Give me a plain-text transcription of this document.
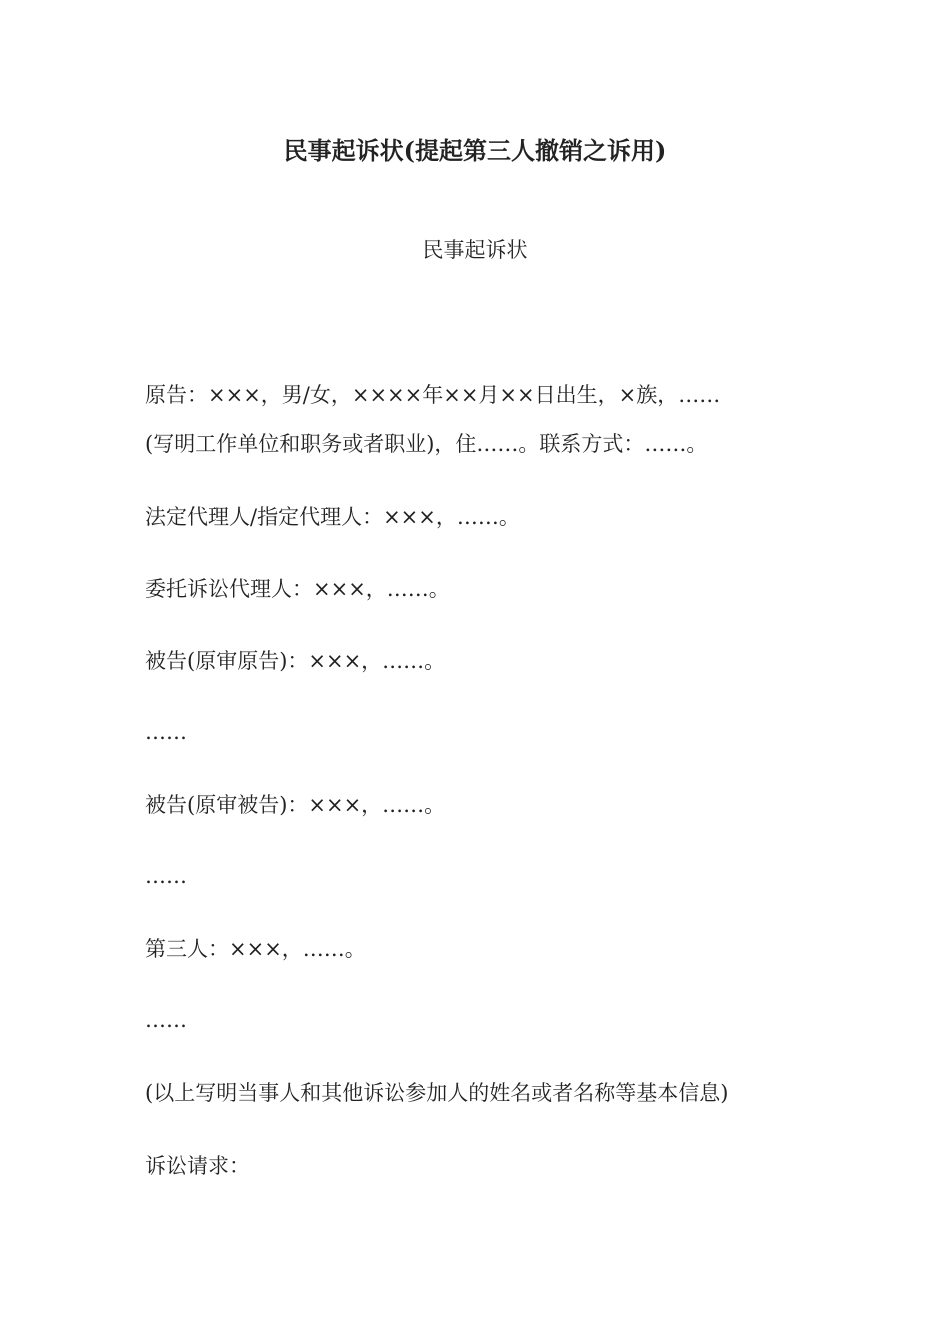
民事起诉状(提起第三人撤销之诉用)
民事起诉状
原告：×××，男/女，××××年××月××日出生，×族，……
(写明工作单位和职务或者职业)，住……。联系方式：……。
法定代理人/指定代理人：×××，……。
委托诉讼代理人：×××，……。
被告(原审原告)：×××，……。
……
被告(原审被告)：×××，……。
……
第三人：×××，……。
……
(以上写明当事人和其他诉讼参加人的姓名或者名称等基本信息)
诉讼请求：
